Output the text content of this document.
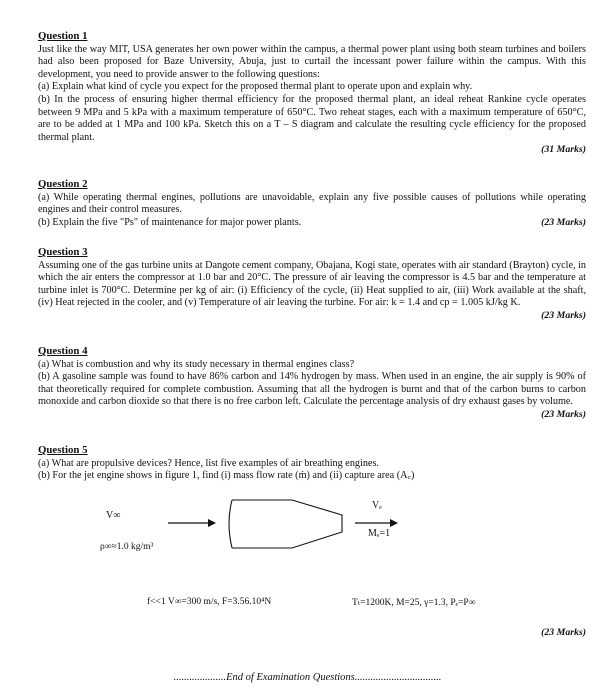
Question 1

Just like the way MIT, USA generates her own power within the campus, a thermal power plant using both steam turbines and boilers had also been proposed for Baze University, Abuja, just to curtail the incessant power failure within the campus. With this development, you need to provide answer to the following questions:

(a) Explain what kind of cycle you expect for the proposed thermal plant to operate upon and explain why.

(b) In the process of ensuring higher thermal efficiency for the proposed thermal plant, an ideal reheat Rankine cycle operates between 9 MPa and 5 kPa with a maximum temperature of 650°C. Two reheat stages, each with a maximum temperature of 650°C, are to be added at 1 MPa and 100 kPa. Sketch this on a T – S diagram and calculate the resulting cycle efficiency for the proposed thermal plant.

(31 Marks)
Question 2

(a) While operating thermal engines, pollutions are unavoidable, explain any five possible causes of pollutions while operating engines and their control measures.

(b) Explain the five "Ps" of maintenance for major power plants.	(23 Marks)
Question 3

Assuming one of the gas turbine units at Dangote cement company, Obajana, Kogi state, operates with air standard (Brayton) cycle, in which the air enters the compressor at 1.0 bar and 20°C. The pressure of air leaving the compressor is 4.5 bar and the temperature at turbine inlet is 700°C. Determine per kg of air: (i) Efficiency of the cycle, (ii) Heat supplied to air, (iii) Work available at the shaft, (iv) Heat rejected in the cooler, and (v) Temperature of air leaving the turbine. For air: k = 1.4 and cp = 1.005 kJ/kg K.

(23 Marks)
Question 4

(a) What is combustion and why its study necessary in thermal engines class?

(b) A gasoline sample was found to have 86% carbon and 14% hydrogen by mass. When used in an engine, the air supply is 90% of that theoretically required for complete combustion. Assuming that all the hydrogen is burnt and that of the carbon burns to carbon monoxide and carbon dioxide so that there is no free carbon left. Calculate the percentage analysis of dry exhaust gases by volume.

(23 Marks)
Question 5

(a) What are propulsive devices? Hence, list five examples of air breathing engines.

(b) For the jet engine shows in figure 1, find (i) mass flow rate (ṁ) and (ii) capture area (A꜀)

V∞
ρ∞≈1.0 kg/m³
Vₑ
Mₑ=1
f<<1 V∞=300 m/s, F=3.56.10⁴N	Tₜ=1200K, M=25, γ=1.3, Pₑ=P∞
(23 Marks)
....................End of Examination Questions.................................
